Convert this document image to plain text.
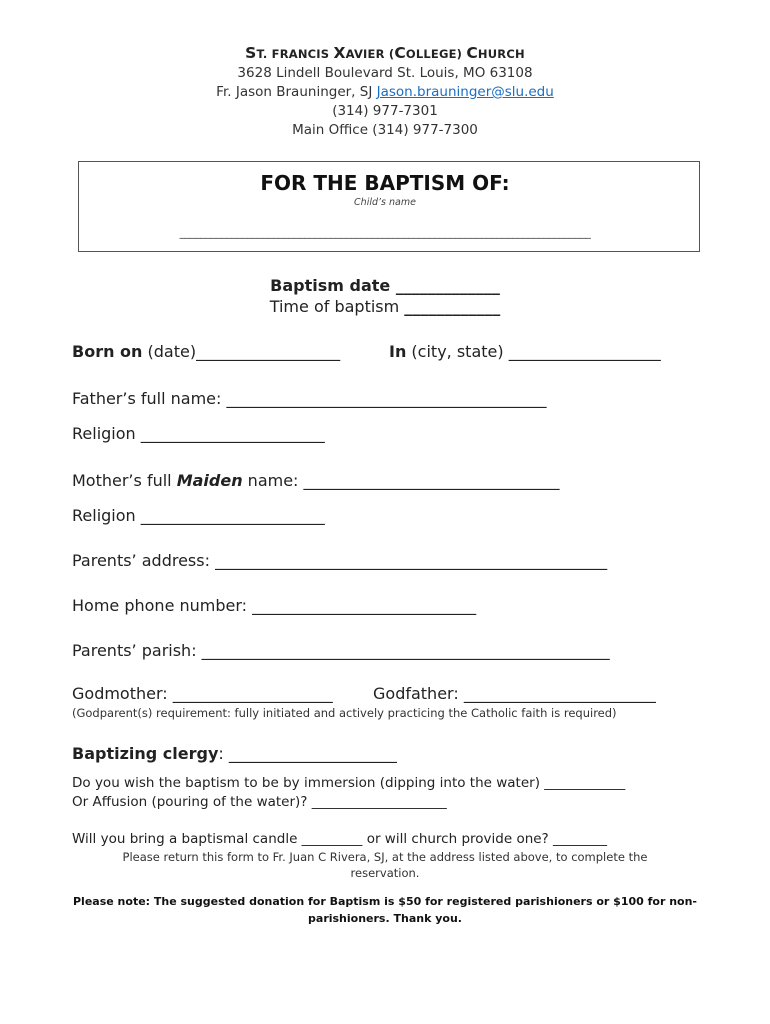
ST. FRANCIS XAVIER (COLLEGE) CHURCH
3628 Lindell Boulevard St. Louis, MO 63108
Fr. Jason Brauninger, SJ Jason.brauninger@slu.edu
(314) 977-7301
Main Office (314) 977-7300
FOR THE BAPTISM OF:
Child’s name
_______________________________________________________________________________
Baptism date _____________
Time of baptism ____________
Born on (date)__________________	In (city, state) ___________________
Father’s full name: ________________________________________
Religion _______________________
Mother’s full Maiden name: ________________________________
Religion _______________________
Parents’ address: _________________________________________________
Home phone number: ____________________________
Parents’ parish: ___________________________________________________
Godmother: ____________________	Godfather: ________________________
(Godparent(s) requirement: fully initiated and actively practicing the Catholic faith is required)
Baptizing clergy: _____________________
Do you wish the baptism to be by immersion (dipping into the water) ____________
Or Affusion (pouring of the water)? ____________________
Will you bring a baptismal candle _________ or will church provide one? ________
Please return this form to Fr. Juan C Rivera, SJ, at the address listed above, to complete the
reservation.
Please note: The suggested donation for Baptism is $50 for registered parishioners or $100 for non-
parishioners. Thank you.
